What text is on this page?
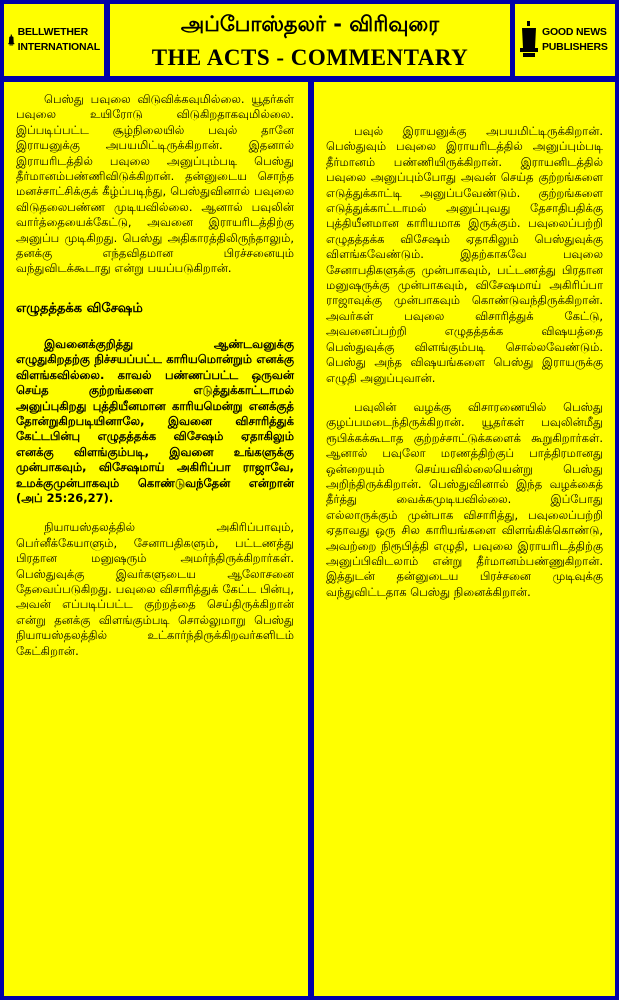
BELLWETHER
INTERNATIONAL
அப்போஸ்தலர் - விரிவுரை
THE ACTS - COMMENTARY
GOOD NEWS
PUBLISHERS

பெஸ்து பவுலை விடுவிக்கவுமில்லை. யூதர்கள் பவுலை உயிரோடு விடுகிறதாகவுமில்லை. இப்படிப்பட்ட சூழ்நிலையில் பவுல் தானே இராயனுக்கு அபயமிட்டிருக்கிறான். இதனால் இராயரிடத்தில் பவுலை அனுப்பும்படி பெஸ்து தீர்மானம்பண்ணிவிடுக்கிறான். தன்னுடைய சொந்த மனச்சாட்சிக்குக் கீழ்ப்படிந்து, பெஸ்துவினால் பவுலை விடுதலைபண்ண முடியவில்லை. ஆனால் பவுலின் வார்த்தையைக்கேட்டு, அவனை இராயரிடத்திற்கு அனுப்ப முடிகிறது. பெஸ்து அதிகாரத்திலிருந்தாலும், தனக்கு எந்தவிதமான பிரச்சனையும் வந்துவிடக்கூடாது என்று பயப்படுகிறான்.

எழுதத்தக்க விசேஷம்

இவனைக்குறித்து ஆண்டவனுக்கு எழுதுகிறதற்கு நிச்சயப்பட்ட காரியமொன்றும் எனக்கு விளங்கவில்லை. காவல் பண்ணப்பட்ட ஒருவன் செய்த குற்றங்களை எடுத்துக்காட்டாமல் அனுப்புகிறது புத்தியீனமான காரியமென்று எனக்குத் தோன்றுகிறபடியினாலே, இவனை விசாரித்துக் கேட்டபின்பு எழுதத்தக்க விசேஷம் ஏதாகிலும் எனக்கு விளங்கும்படி, இவனை உங்களுக்கு முன்பாகவும், விசேஷமாய் அகிரிப்பா ராஜாவே, உமக்குமுன்பாகவும் கொண்டுவந்தேன் என்றான் (அப் 25:26,27).

நியாயஸ்தலத்தில் அகிரிப்பாவும், பெர்னீக்கேயாளும், சேனாபதிகளும், பட்டணத்து பிரதான மனுஷரும் அமர்ந்திருக்கிறார்கள். பெஸ்துவுக்கு இவர்களுடைய ஆலோசனை தேவைப்படுகிறது. பவுலை விசாரித்துக் கேட்ட பின்பு, அவன் எப்படிப்பட்ட குற்றத்தை செய்திருக்கிறான் என்று தனக்கு விளங்கும்படி சொல்லுமாறு பெஸ்து நியாயஸ்தலத்தில் உட்கார்ந்திருக்கிறவர்களிடம் கேட்கிறான்.

பவுல் இராயனுக்கு அபயமிட்டிருக்கிறான். பெஸ்துவும் பவுலை இராயரிடத்தில் அனுப்பும்படி தீர்மானம் பண்ணியிருக்கிறான். இராயனிடத்தில் பவுலை அனுப்பும்போது அவன் செய்த குற்றங்களை எடுத்துக்காட்டி அனுப்பவேண்டும். குற்றங்களை எடுத்துக்காட்டாமல் அனுப்புவது தேசாதிபதிக்கு புத்தியீனமான காரியமாக இருக்கும். பவுலைப்பற்றி எழுதத்தக்க விசேஷம் ஏதாகிலும் பெஸ்துவுக்கு விளங்கவேண்டும். இதற்காகவே பவுலை சேனாபதிகளுக்கு முன்பாகவும், பட்டணத்து பிரதான மனுஷருக்கு முன்பாகவும், விசேஷமாய் அகிரிப்பா ராஜாவுக்கு முன்பாகவும் கொண்டுவந்திருக்கிறான். அவர்கள் பவுலை விசாரித்துக் கேட்டு, அவனைப்பற்றி எழுதத்தக்க விஷயத்தை பெஸ்துவுக்கு விளங்கும்படி சொல்லவேண்டும். பெஸ்து அந்த விஷயங்களை பெஸ்து இராயருக்கு எழுதி அனுப்புவான்.

பவுலின் வழக்கு விசாரணையில் பெஸ்து குழப்பமடைந்திருக்கிறான். யூதர்கள் பவுலின்மீது ரூபிக்கக்கூடாத குற்றச்சாட்டுக்களைக் கூறுகிறார்கள். ஆனால் பவுலோ மரணத்திற்குப் பாத்திரமானது ஒன்றையும் செய்யவில்லையென்று பெஸ்து அறிந்திருக்கிறான். பெஸ்துவினால் இந்த வழக்கைத் தீர்த்து வைக்கமுடியவில்லை. இப்போது எல்லாருக்கும் முன்பாக விசாரித்து, பவுலைப்பற்றி ஏதாவது ஒரு சில காரியங்களை விளங்கிக்கொண்டு, அவற்றை நிரூபித்தி எழுதி, பவுலை இராயரிடத்திற்கு அனுப்பிவிடலாம் என்று தீர்மானம்பண்ணுகிறான். இத்துடன் தன்னுடைய பிரச்சனை முடிவுக்கு வந்துவிட்டதாக பெஸ்து நினைக்கிறான்.
